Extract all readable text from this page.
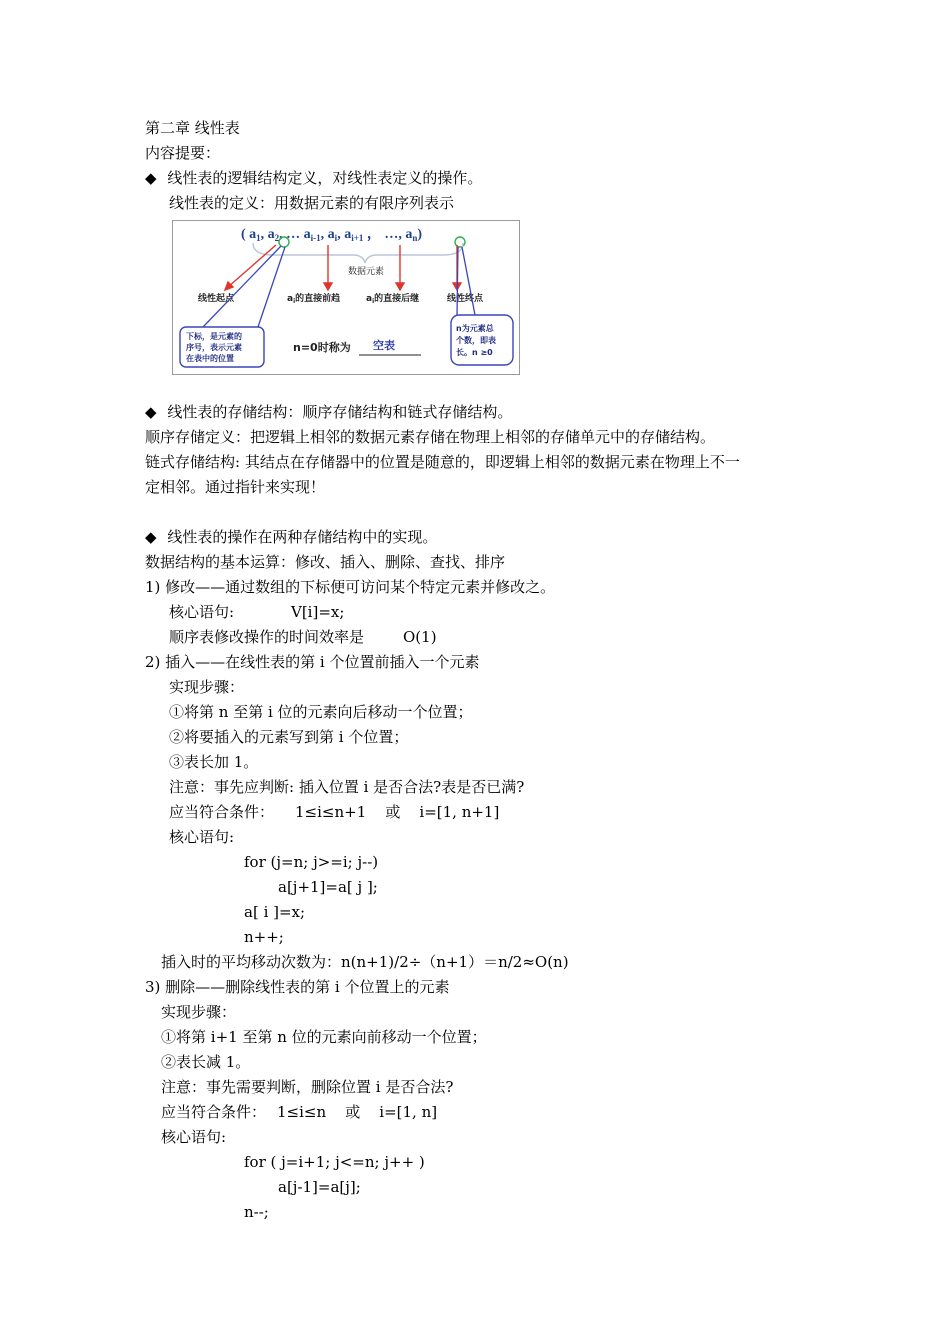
第二章 线性表
内容提要：
◆ 线性表的逻辑结构定义，对线性表定义的操作。
线性表的定义：用数据元素的有限序列表示
( $a_1$, $a_2$, … $a_{i-1}$, $a_i$, $a_{i+1}$ ， …, $a_n$)
数据元素
线性起点	$a_i$的直接前趋	$a_i$的直接后继	线性终点
下标，是元素的 序号，表示元素 在表中的位置
n为元素总 个数，即表 长。n ≥0
n=0时称为 空表
◆ 线性表的存储结构：顺序存储结构和链式存储结构。
顺序存储定义：把逻辑上相邻的数据元素存储在物理上相邻的存储单元中的存储结构。
链式存储结构: 其结点在存储器中的位置是随意的，即逻辑上相邻的数据元素在物理上不一
定相邻。通过指针来实现！
◆ 线性表的操作在两种存储结构中的实现。
数据结构的基本运算：修改、插入、删除、查找、排序
1) 修改——通过数组的下标便可访问某个特定元素并修改之。
核心语句:	V[i]=x;
顺序表修改操作的时间效率是	O(1)
2) 插入——在线性表的第 i 个位置前插入一个元素
实现步骤：
①将第 n 至第 i 位的元素向后移动一个位置；
②将要插入的元素写到第 i 个位置；
③表长加 1。
注意：事先应判断: 插入位置 i 是否合法?表是否已满?
应当符合条件： 1≤i≤n+1    或    i=[1, n+1]
核心语句:
for (j=n; j>=i; j--)
a[j+1]=a[ j ];
a[ i ]=x;
n++;
插入时的平均移动次数为：n(n+1)/2÷（n+1）＝n/2≈O(n)
3) 删除——删除线性表的第 i 个位置上的元素
实现步骤：
①将第 i+1 至第 n 位的元素向前移动一个位置；
②表长减 1。
注意：事先需要判断，删除位置 i 是否合法?
应当符合条件： 1≤i≤n    或    i=[1, n]
核心语句:
for ( j=i+1; j<=n; j++ )
a[j-1]=a[j];
n--;
